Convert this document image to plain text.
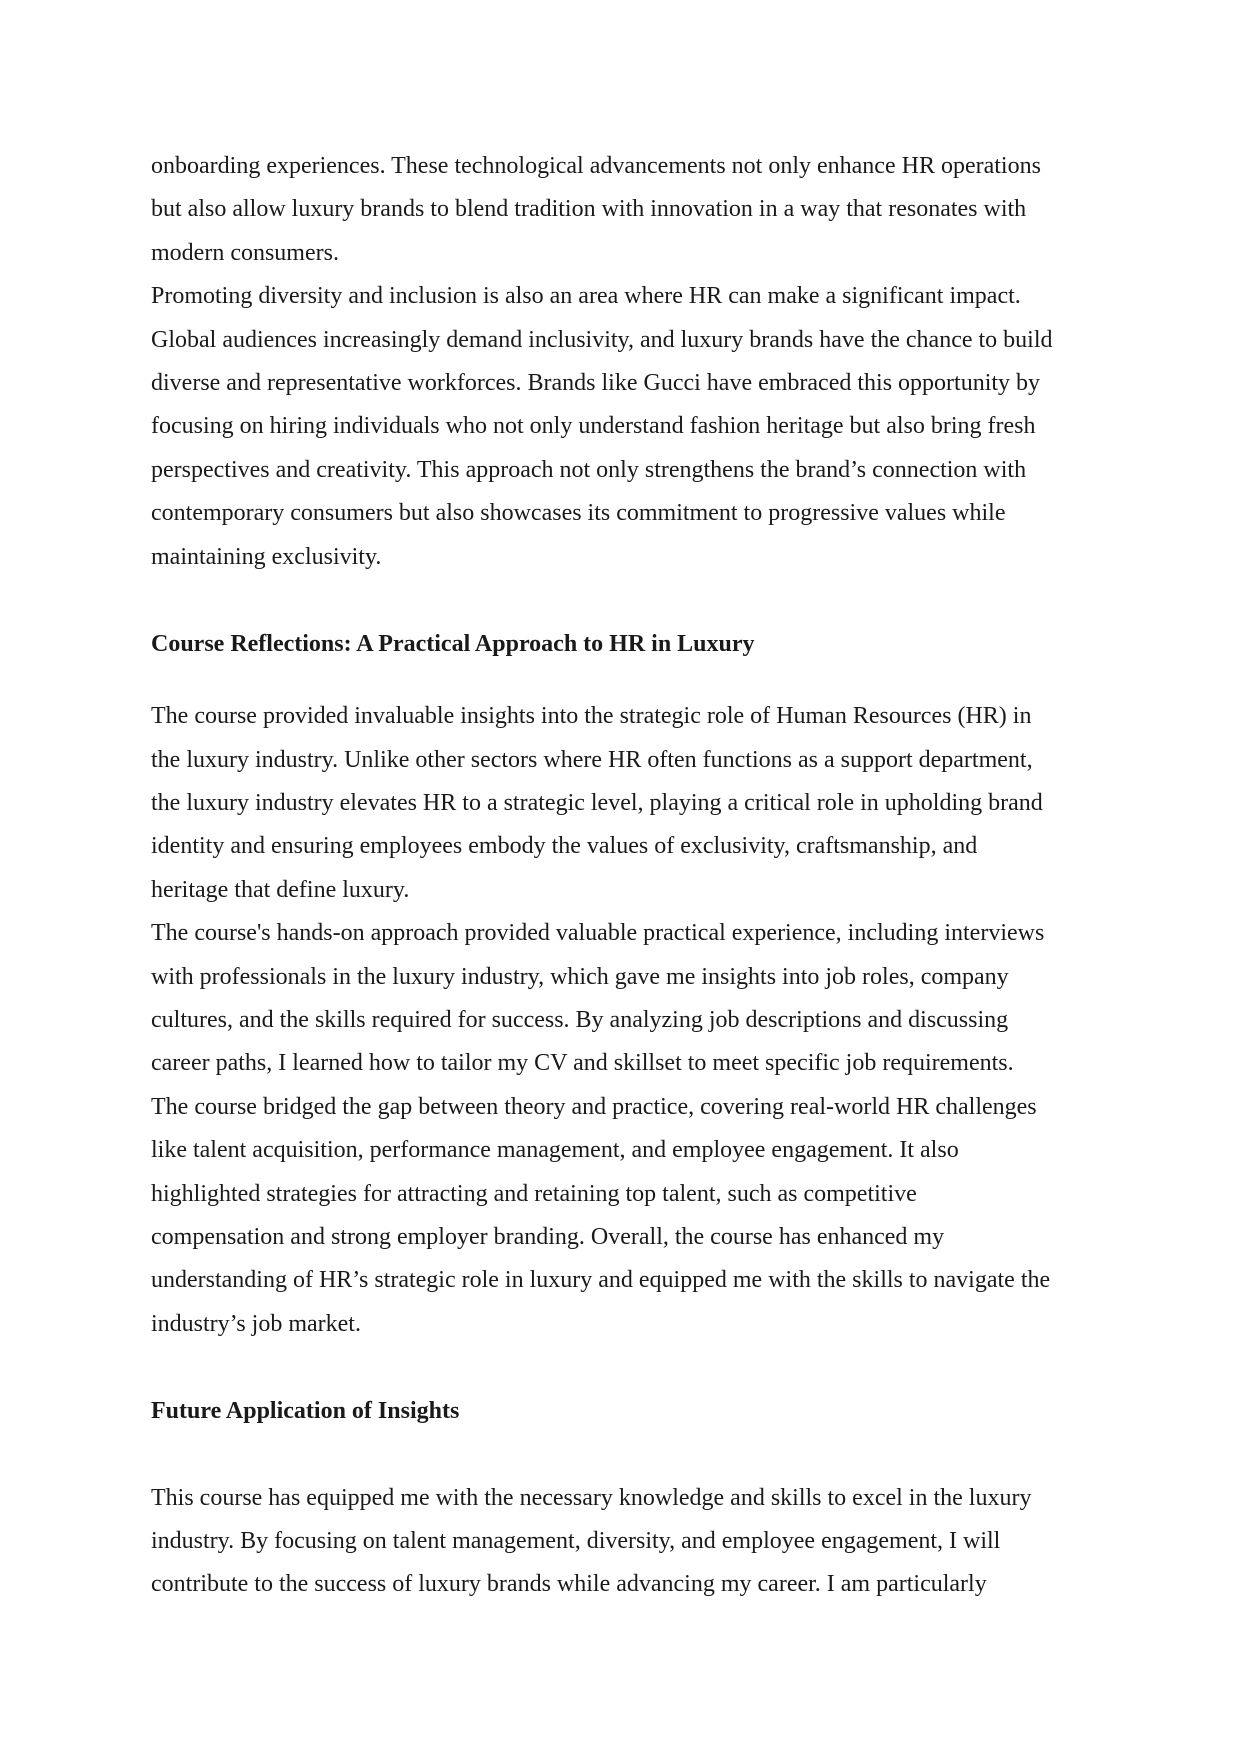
onboarding experiences. These technological advancements not only enhance HR operations
but also allow luxury brands to blend tradition with innovation in a way that resonates with
modern consumers.

Promoting diversity and inclusion is also an area where HR can make a significant impact.
Global audiences increasingly demand inclusivity, and luxury brands have the chance to build
diverse and representative workforces. Brands like Gucci have embraced this opportunity by
focusing on hiring individuals who not only understand fashion heritage but also bring fresh
perspectives and creativity. This approach not only strengthens the brand’s connection with
contemporary consumers but also showcases its commitment to progressive values while
maintaining exclusivity.

Course Reflections: A Practical Approach to HR in Luxury

The course provided invaluable insights into the strategic role of Human Resources (HR) in
the luxury industry. Unlike other sectors where HR often functions as a support department,
the luxury industry elevates HR to a strategic level, playing a critical role in upholding brand
identity and ensuring employees embody the values of exclusivity, craftsmanship, and
heritage that define luxury.

The course's hands-on approach provided valuable practical experience, including interviews
with professionals in the luxury industry, which gave me insights into job roles, company
cultures, and the skills required for success. By analyzing job descriptions and discussing
career paths, I learned how to tailor my CV and skillset to meet specific job requirements.
The course bridged the gap between theory and practice, covering real-world HR challenges
like talent acquisition, performance management, and employee engagement. It also
highlighted strategies for attracting and retaining top talent, such as competitive
compensation and strong employer branding. Overall, the course has enhanced my
understanding of HR’s strategic role in luxury and equipped me with the skills to navigate the
industry’s job market.

Future Application of Insights

This course has equipped me with the necessary knowledge and skills to excel in the luxury
industry. By focusing on talent management, diversity, and employee engagement, I will
contribute to the success of luxury brands while advancing my career. I am particularly
